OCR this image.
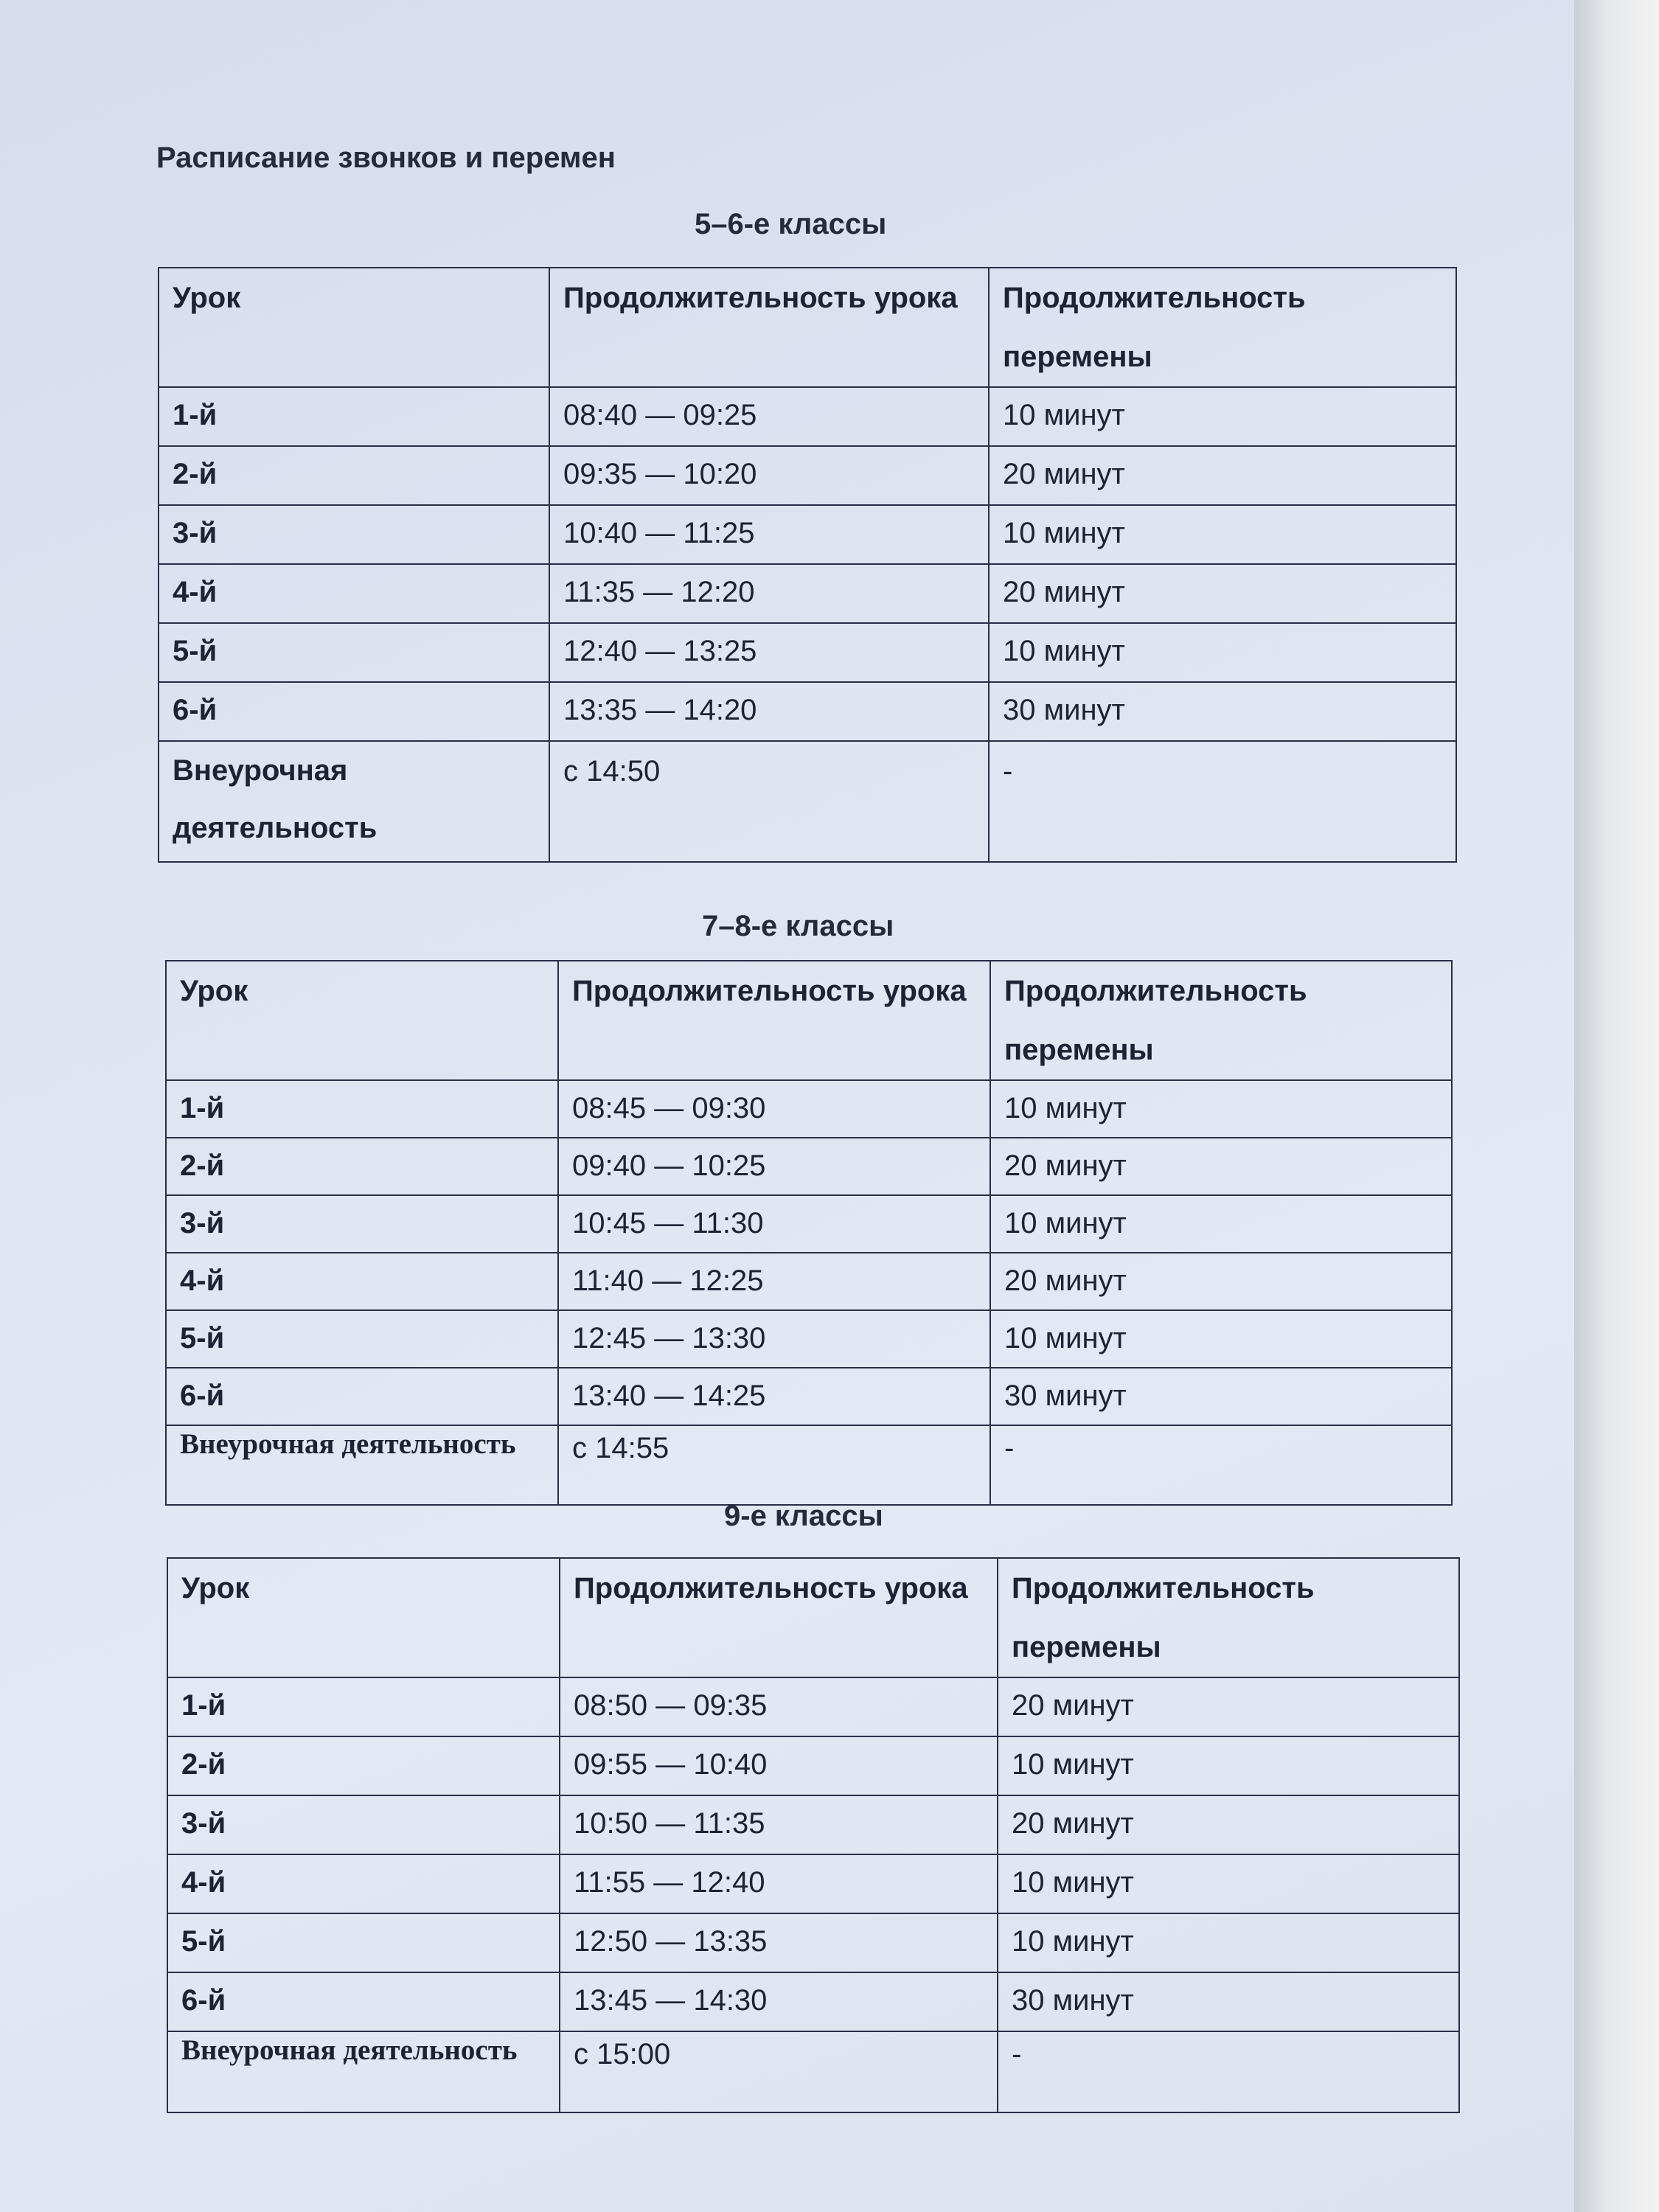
Расписание звонков и перемен
5–6-е классы
Урок	Продолжительность урока	Продолжительность перемены
1-й	08:40 — 09:25	10 минут
2-й	09:35 — 10:20	20 минут
3-й	10:40 — 11:25	10 минут
4-й	11:35 — 12:20	20 минут
5-й	12:40 — 13:25	10 минут
6-й	13:35 — 14:20	30 минут
Внеурочная деятельность	с 14:50	-
7–8-е классы
Урок	Продолжительность урока	Продолжительность перемены
1-й	08:45 — 09:30	10 минут
2-й	09:40 — 10:25	20 минут
3-й	10:45 — 11:30	10 минут
4-й	11:40 — 12:25	20 минут
5-й	12:45 — 13:30	10 минут
6-й	13:40 — 14:25	30 минут
Внеурочная деятельность	с 14:55	-
9-е классы
Урок	Продолжительность урока	Продолжительность перемены
1-й	08:50 — 09:35	20 минут
2-й	09:55 — 10:40	10 минут
3-й	10:50 — 11:35	20 минут
4-й	11:55 — 12:40	10 минут
5-й	12:50 — 13:35	10 минут
6-й	13:45 — 14:30	30 минут
Внеурочная деятельность	с 15:00	-
